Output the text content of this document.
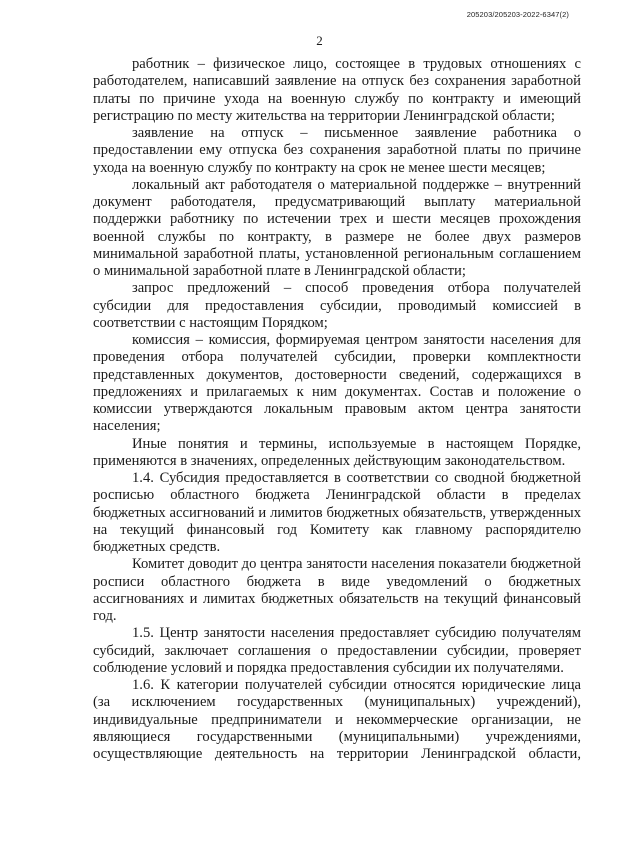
205203/205203-2022-6347(2)
2

работник – физическое лицо, состоящее в трудовых отношениях с работодателем, написавший заявление на отпуск без сохранения заработной платы по причине ухода на военную службу по контракту и имеющий регистрацию по месту жительства на территории Ленинградской области;

заявление на отпуск – письменное заявление работника о предоставлении ему отпуска без сохранения заработной платы по причине ухода на военную службу по контракту на срок не менее шести месяцев;

локальный акт работодателя о материальной поддержке – внутренний документ работодателя, предусматривающий выплату материальной поддержки работнику по истечении трех и шести месяцев прохождения военной службы по контракту, в размере не более двух размеров минимальной заработной платы, установленной региональным соглашением о минимальной заработной плате в Ленинградской области;

запрос предложений – способ проведения отбора получателей субсидии для предоставления субсидии, проводимый комиссией в соответствии с настоящим Порядком;

комиссия – комиссия, формируемая центром занятости населения для проведения отбора получателей субсидии, проверки комплектности представленных документов, достоверности сведений, содержащихся в предложениях и прилагаемых к ним документах. Состав и положение о комиссии утверждаются локальным правовым актом центра занятости населения;

Иные понятия и термины, используемые в настоящем Порядке, применяются в значениях, определенных действующим законодательством.

1.4. Субсидия предоставляется в соответствии со сводной бюджетной росписью областного бюджета Ленинградской области в пределах бюджетных ассигнований и лимитов бюджетных обязательств, утвержденных на текущий финансовый год Комитету как главному распорядителю бюджетных средств.

Комитет доводит до центра занятости населения показатели бюджетной росписи областного бюджета в виде уведомлений о бюджетных ассигнованиях и лимитах бюджетных обязательств на текущий финансовый год.

1.5. Центр занятости населения предоставляет субсидию получателям субсидий, заключает соглашения о предоставлении субсидии, проверяет соблюдение условий и порядка предоставления субсидии их получателями.

1.6. К категории получателей субсидии относятся юридические лица (за исключением государственных (муниципальных) учреждений), индивидуальные предприниматели и некоммерческие организации, не являющиеся государственными (муниципальными) учреждениями, осуществляющие деятельность на территории Ленинградской области,
